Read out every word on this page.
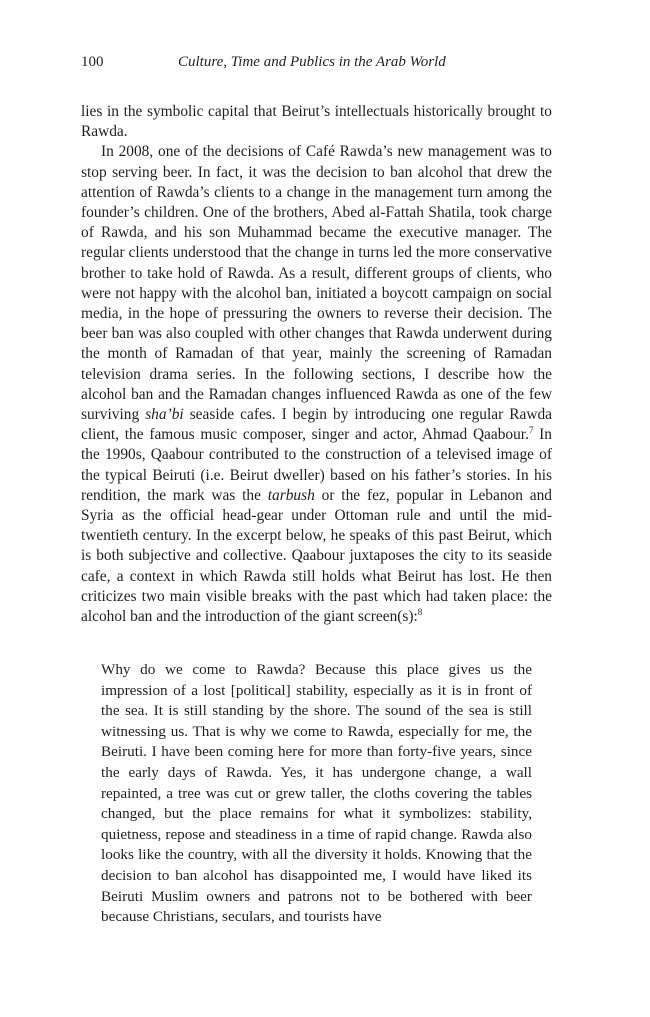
100	Culture, Time and Publics in the Arab World

lies in the symbolic capital that Beirut’s intellectuals historically brought to Rawda.

In 2008, one of the decisions of Café Rawda’s new management was to stop serving beer. In fact, it was the decision to ban alcohol that drew the attention of Rawda’s clients to a change in the management turn among the founder’s children. One of the brothers, Abed al-Fattah Shatila, took charge of Rawda, and his son Muhammad became the executive manager. The regular clients understood that the change in turns led the more conservative brother to take hold of Rawda. As a result, different groups of clients, who were not happy with the alcohol ban, initiated a boycott campaign on social media, in the hope of pressuring the owners to reverse their decision. The beer ban was also coupled with other changes that Rawda underwent during the month of Ramadan of that year, mainly the screening of Ramadan television drama series. In the following sections, I describe how the alcohol ban and the Ramadan changes influenced Rawda as one of the few surviving sha’bi seaside cafes. I begin by introducing one regular Rawda client, the famous music composer, singer and actor, Ahmad Qaabour.$^7$ In the 1990s, Qaabour contributed to the construction of a televised image of the typical Beiruti (i.e. Beirut dweller) based on his father’s stories. In his rendition, the mark was the tarbush or the fez, popular in Lebanon and Syria as the official head-gear under Ottoman rule and until the mid-twentieth century. In the excerpt below, he speaks of this past Beirut, which is both subjective and collective. Qaabour juxtaposes the city to its seaside cafe, a context in which Rawda still holds what Beirut has lost. He then criticizes two main visible breaks with the past which had taken place: the alcohol ban and the introduction of the giant screen(s):$^8$

Why do we come to Rawda? Because this place gives us the impression of a lost [political] stability, especially as it is in front of the sea. It is still standing by the shore. The sound of the sea is still witnessing us. That is why we come to Rawda, especially for me, the Beiruti. I have been coming here for more than forty-five years, since the early days of Rawda. Yes, it has undergone change, a wall repainted, a tree was cut or grew taller, the cloths covering the tables changed, but the place remains for what it symbolizes: stability, quietness, repose and steadiness in a time of rapid change. Rawda also looks like the country, with all the diversity it holds. Knowing that the decision to ban alcohol has disappointed me, I would have liked its Beiruti Muslim owners and patrons not to be bothered with beer because Christians, seculars, and tourists have
